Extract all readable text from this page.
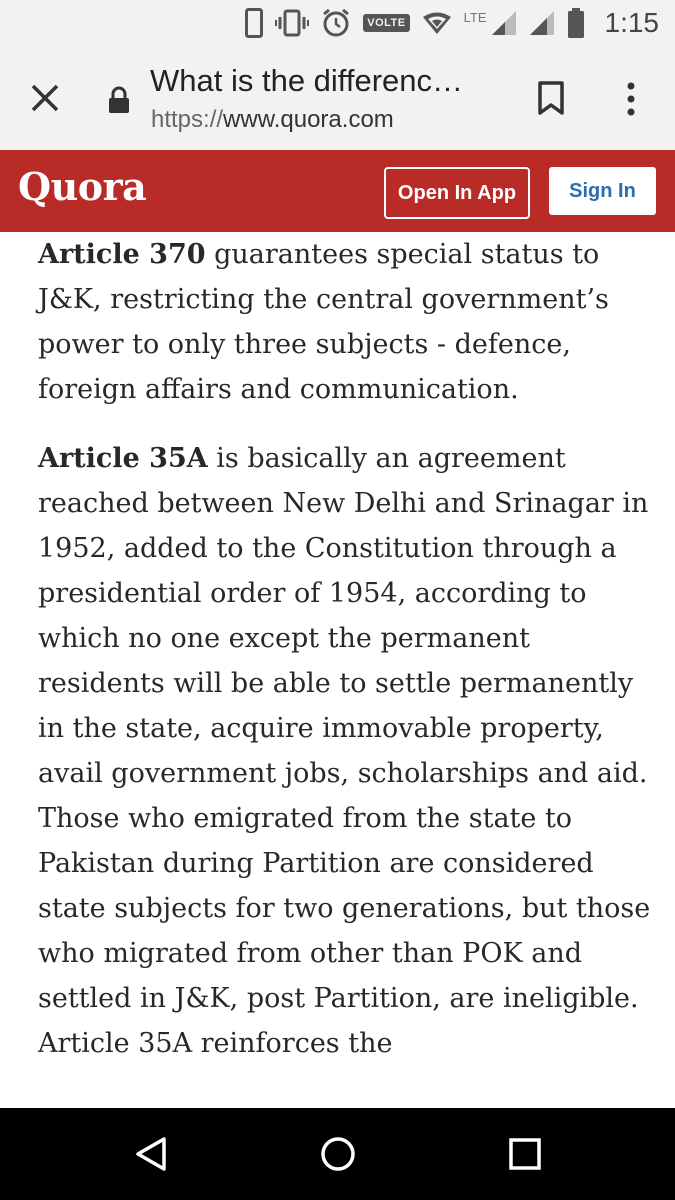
VOLTE	LTE	1:15
What is the differenc…
https://www.quora.com
Quora	Open In App	Sign In

Article 370 guarantees special status to J&K, restricting the central government’s power to only three subjects - defence, foreign affairs and communication.

Article 35A is basically an agreement reached between New Delhi and Srinagar in 1952, added to the Constitution through a presidential order of 1954, according to which no one except the permanent residents will be able to settle permanently in the state, acquire immovable property, avail government jobs, scholarships and aid. Those who emigrated from the state to Pakistan during Partition are considered state subjects for two generations, but those who migrated from other than POK and settled in J&K, post Partition, are ineligible. Article 35A reinforces the
